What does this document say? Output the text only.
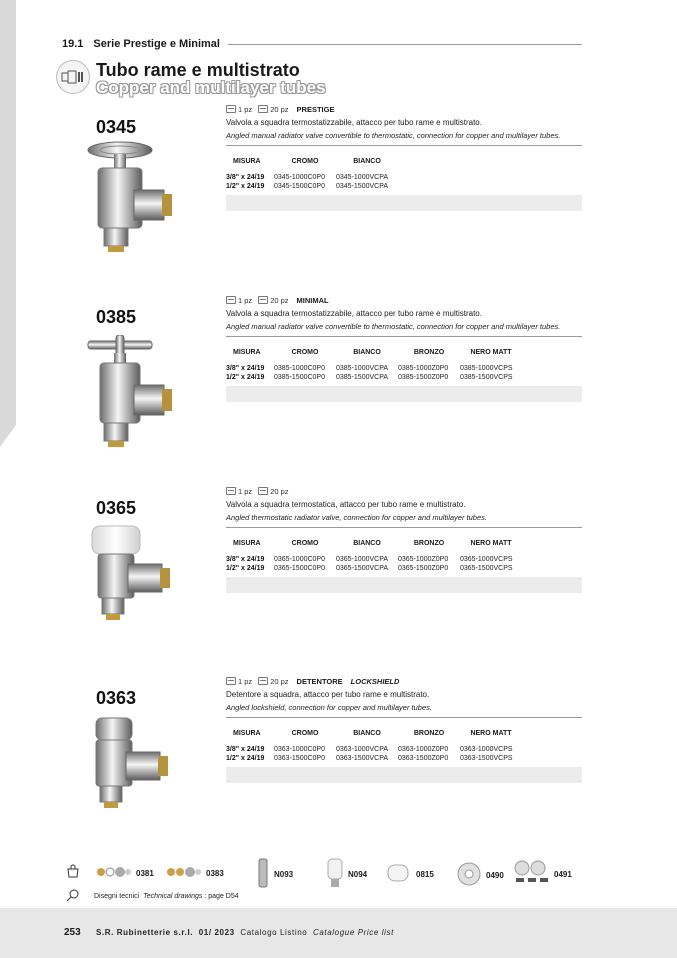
19.1 Serie Prestige e Minimal
Tubo rame e multistrato
Copper and multilayer tubes
0345
1 pz 20 pz PRESTIGE
Valvola a squadra termostatizzabile, attacco per tubo rame e multistrato.
Angled manual radiator valve convertible to thermostatic, connection for copper and multilayer tubes.
MISURA	CROMO	BIANCO
3/8" x 24/19	0345-1000C0P0	0345-1000VCPA
1/2" x 24/19	0345-1500C0P0	0345-1500VCPA
0385
1 pz 20 pz MINIMAL
Valvola a squadra termostatizzabile, attacco per tubo rame e multistrato.
Angled manual radiator valve convertible to thermostatic, connection for copper and multilayer tubes.
MISURA	CROMO	BIANCO	BRONZO	NERO MATT
3/8" x 24/19	0385-1000C0P0	0385-1000VCPA	0385-1000Z0P0	0385-1000VCPS
1/2" x 24/19	0385-1500C0P0	0385-1500VCPA	0385-1500Z0P0	0385-1500VCPS
0365
1 pz 20 pz
Valvola a squadra termostatica, attacco per tubo rame e multistrato.
Angled thermostatic radiator valve, connection for copper and multilayer tubes.
MISURA	CROMO	BIANCO	BRONZO	NERO MATT
3/8" x 24/19	0365-1000C0P0	0365-1000VCPA	0365-1000Z0P0	0365-1000VCPS
1/2" x 24/19	0365-1500C0P0	0365-1500VCPA	0365-1500Z0P0	0365-1500VCPS
0363
1 pz 20 pz DETENTORE LOCKSHIELD
Detentore a squadra, attacco per tubo rame e multistrato.
Angled lockshield, connection for copper and multilayer tubes.
MISURA	CROMO	BIANCO	BRONZO	NERO MATT
3/8" x 24/19	0363-1000C0P0	0363-1000VCPA	0363-1000Z0P0	0363-1000VCPS
1/2" x 24/19	0363-1500C0P0	0363-1500VCPA	0363-1500Z0P0	0363-1500VCPS
0381	0383	N093	N094	0815	0490	0491
Disegni tecnici
Technical drawings : page D54
253 S.R. Rubinetterie s.r.l. 01/ 2023 Catalogo Listino Catalogue Price list
